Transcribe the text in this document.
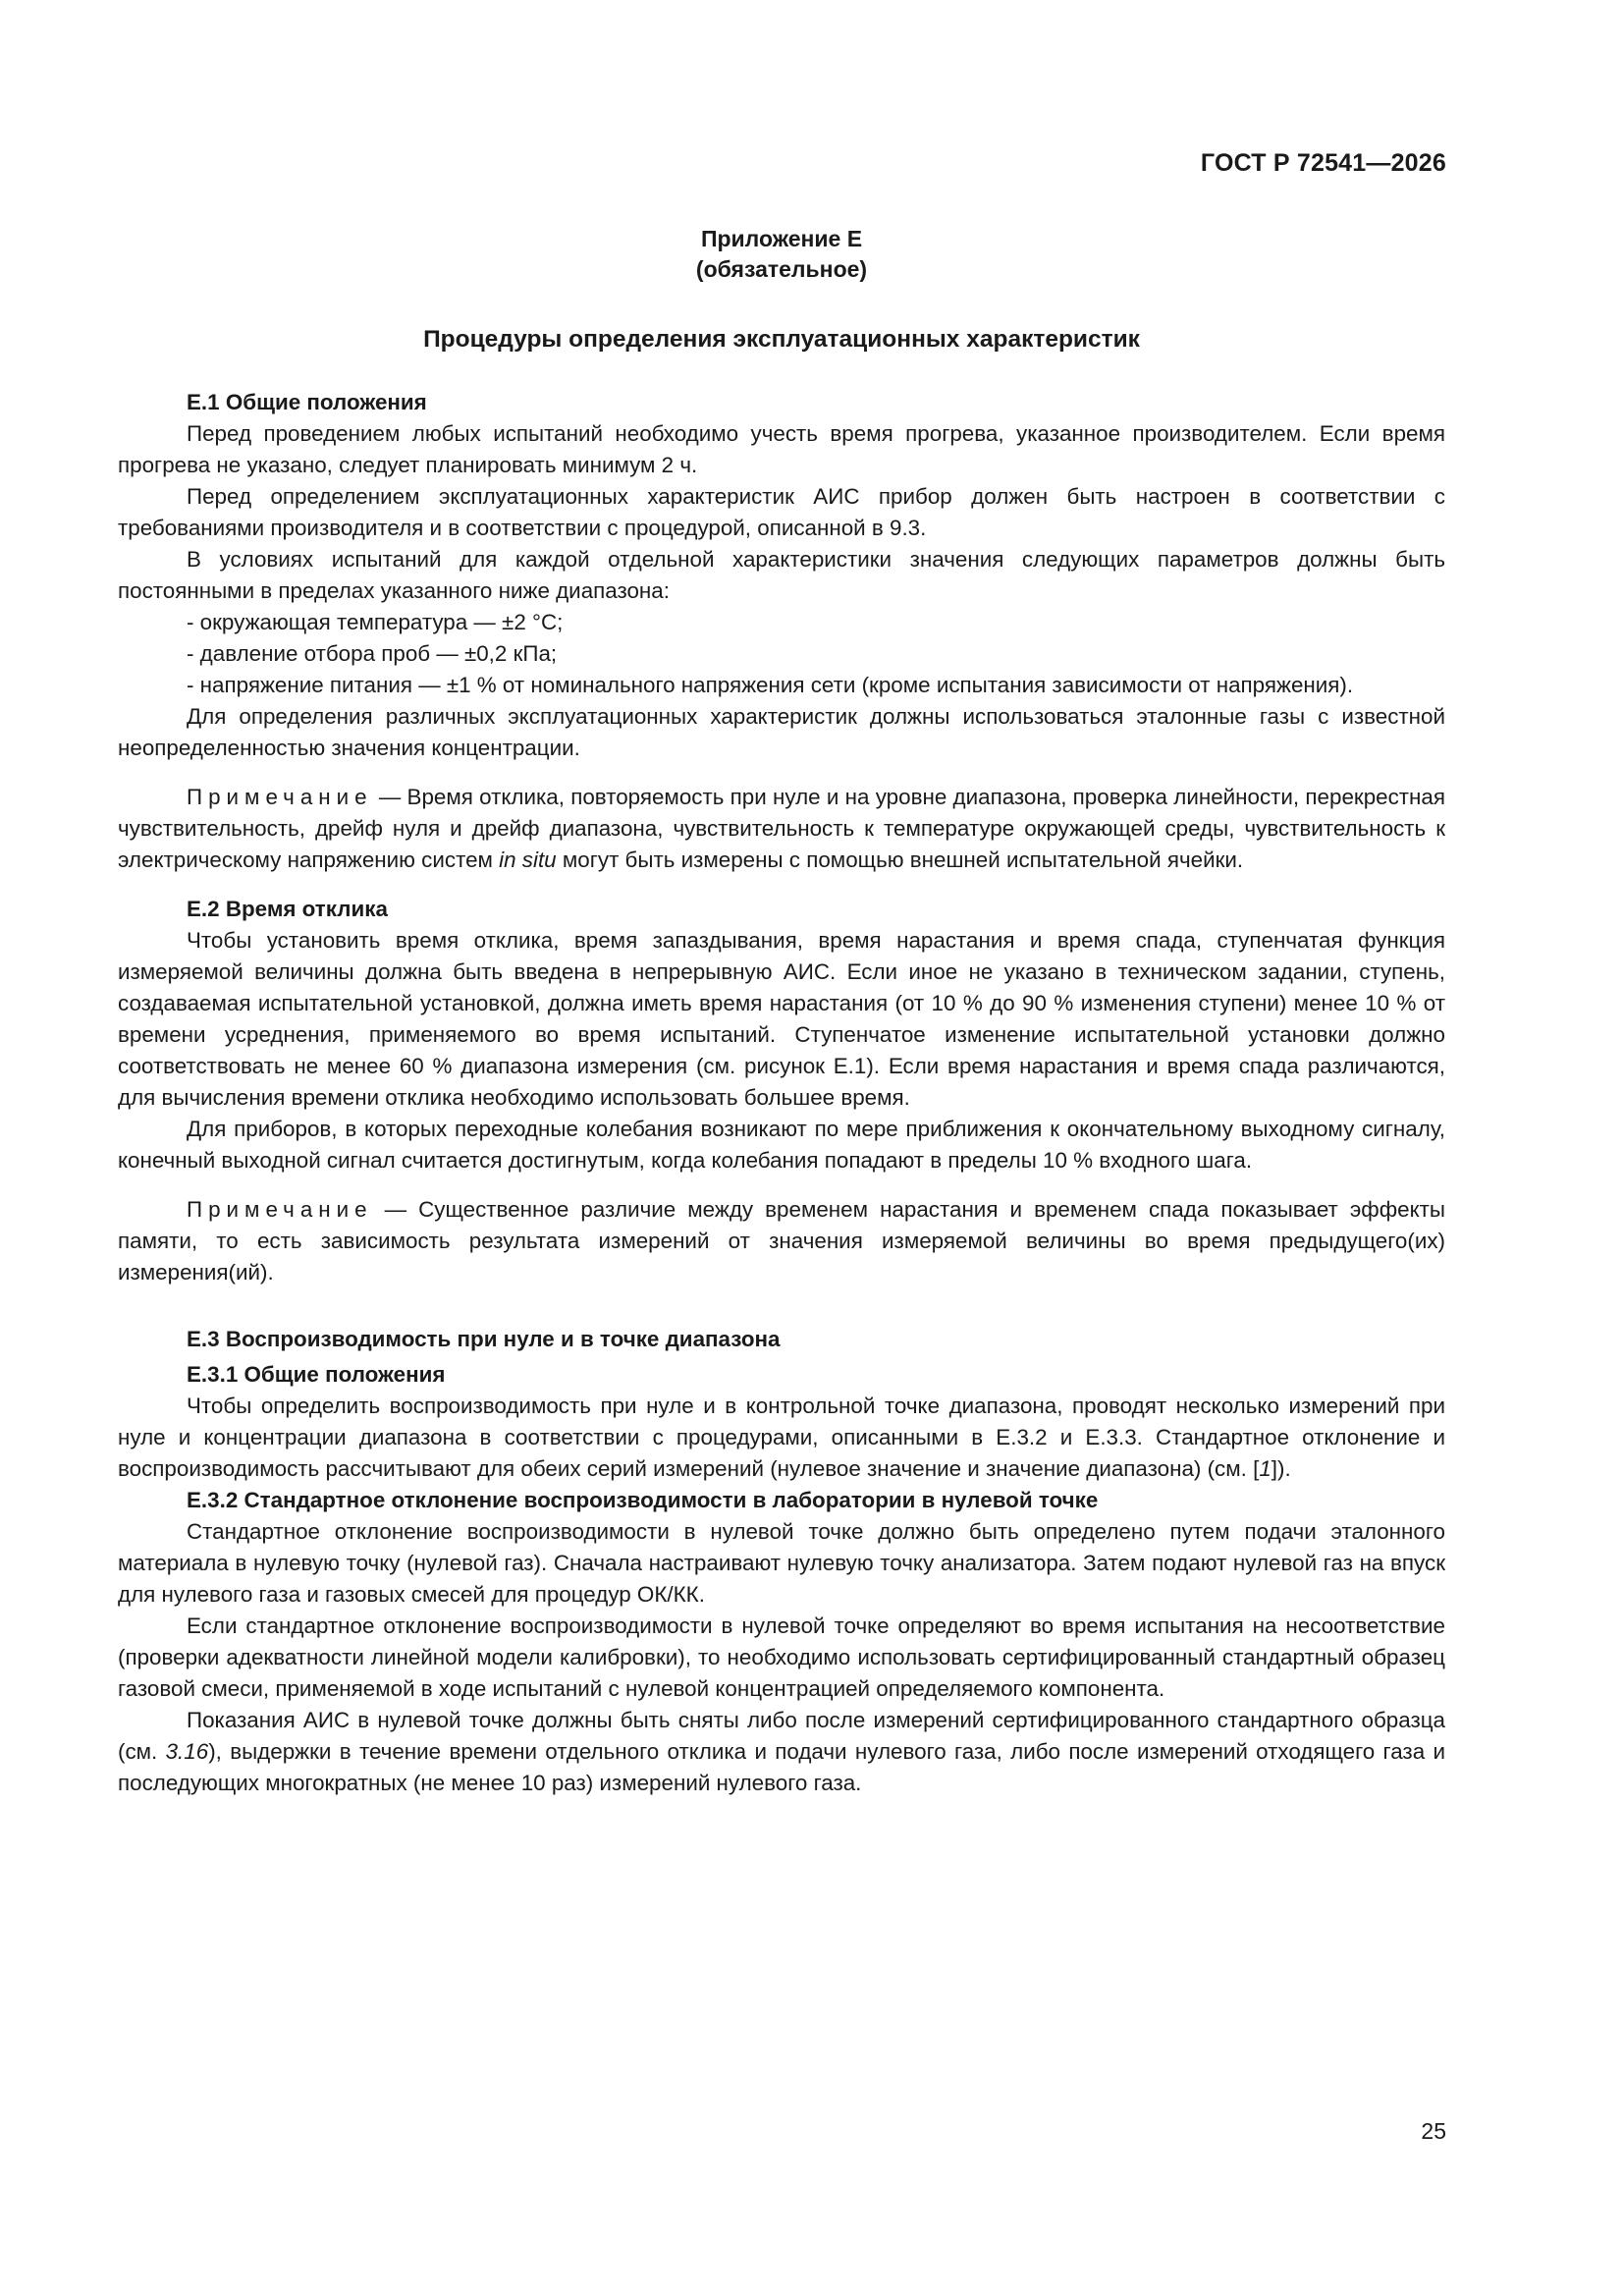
ГОСТ Р 72541—2026
Приложение Е
(обязательное)
Процедуры определения эксплуатационных характеристик
Е.1 Общие положения

Перед проведением любых испытаний необходимо учесть время прогрева, указанное производителем. Если время прогрева не указано, следует планировать минимум 2 ч.

Перед определением эксплуатационных характеристик АИС прибор должен быть настроен в соответствии с требованиями производителя и в соответствии с процедурой, описанной в 9.3.

В условиях испытаний для каждой отдельной характеристики значения следующих параметров должны быть постоянными в пределах указанного ниже диапазона:

- окружающая температура — ±2 °С;

- давление отбора проб — ±0,2 кПа;

- напряжение питания — ±1 % от номинального напряжения сети (кроме испытания зависимости от напряжения).

Для определения различных эксплуатационных характеристик должны использоваться эталонные газы с известной неопределенностью значения концентрации.

Примечание — Время отклика, повторяемость при нуле и на уровне диапазона, проверка линейности, перекрестная чувствительность, дрейф нуля и дрейф диапазона, чувствительность к температуре окружающей среды, чувствительность к электрическому напряжению систем in situ могут быть измерены с помощью внешней испытательной ячейки.

Е.2 Время отклика

Чтобы установить время отклика, время запаздывания, время нарастания и время спада, ступенчатая функция измеряемой величины должна быть введена в непрерывную АИС. Если иное не указано в техническом задании, ступень, создаваемая испытательной установкой, должна иметь время нарастания (от 10 % до 90 % изменения ступени) менее 10 % от времени усреднения, применяемого во время испытаний. Ступенчатое изменение испытательной установки должно соответствовать не менее 60 % диапазона измерения (см. рисунок Е.1). Если время нарастания и время спада различаются, для вычисления времени отклика необходимо использовать большее время.

Для приборов, в которых переходные колебания возникают по мере приближения к окончательному выходному сигналу, конечный выходной сигнал считается достигнутым, когда колебания попадают в пределы 10 % входного шага.

Примечание — Существенное различие между временем нарастания и временем спада показывает эффекты памяти, то есть зависимость результата измерений от значения измеряемой величины во время предыдущего(их) измерения(ий).

Е.3 Воспроизводимость при нуле и в точке диапазона
Е.3.1 Общие положения

Чтобы определить воспроизводимость при нуле и в контрольной точке диапазона, проводят несколько измерений при нуле и концентрации диапазона в соответствии с процедурами, описанными в Е.3.2 и Е.3.3. Стандартное отклонение и воспроизводимость рассчитывают для обеих серий измерений (нулевое значение и значение диапазона) (см. [1]).

Е.3.2 Стандартное отклонение воспроизводимости в лаборатории в нулевой точке

Стандартное отклонение воспроизводимости в нулевой точке должно быть определено путем подачи эталонного материала в нулевую точку (нулевой газ). Сначала настраивают нулевую точку анализатора. Затем подают нулевой газ на впуск для нулевого газа и газовых смесей для процедур ОК/КК.

Если стандартное отклонение воспроизводимости в нулевой точке определяют во время испытания на несоответствие (проверки адекватности линейной модели калибровки), то необходимо использовать сертифицированный стандартный образец газовой смеси, применяемой в ходе испытаний с нулевой концентрацией определяемого компонента.

Показания АИС в нулевой точке должны быть сняты либо после измерений сертифицированного стандартного образца (см. 3.16), выдержки в течение времени отдельного отклика и подачи нулевого газа, либо после измерений отходящего газа и последующих многократных (не менее 10 раз) измерений нулевого газа.

25
